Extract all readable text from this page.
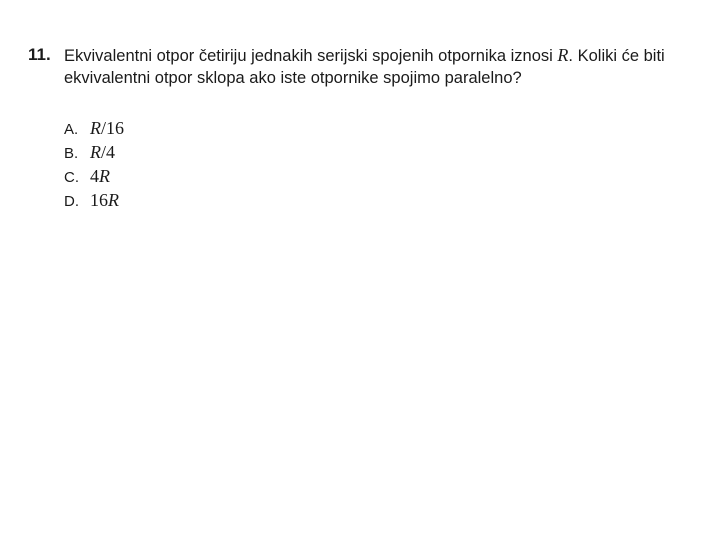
11. Ekvivalentni otpor četiriju jednakih serijski spojenih otpornika iznosi R. Koliki će biti ekvivalentni otpor sklopa ako iste otpornike spojimo paralelno?
A. R/16
B. R/4
C. 4R
D. 16R
